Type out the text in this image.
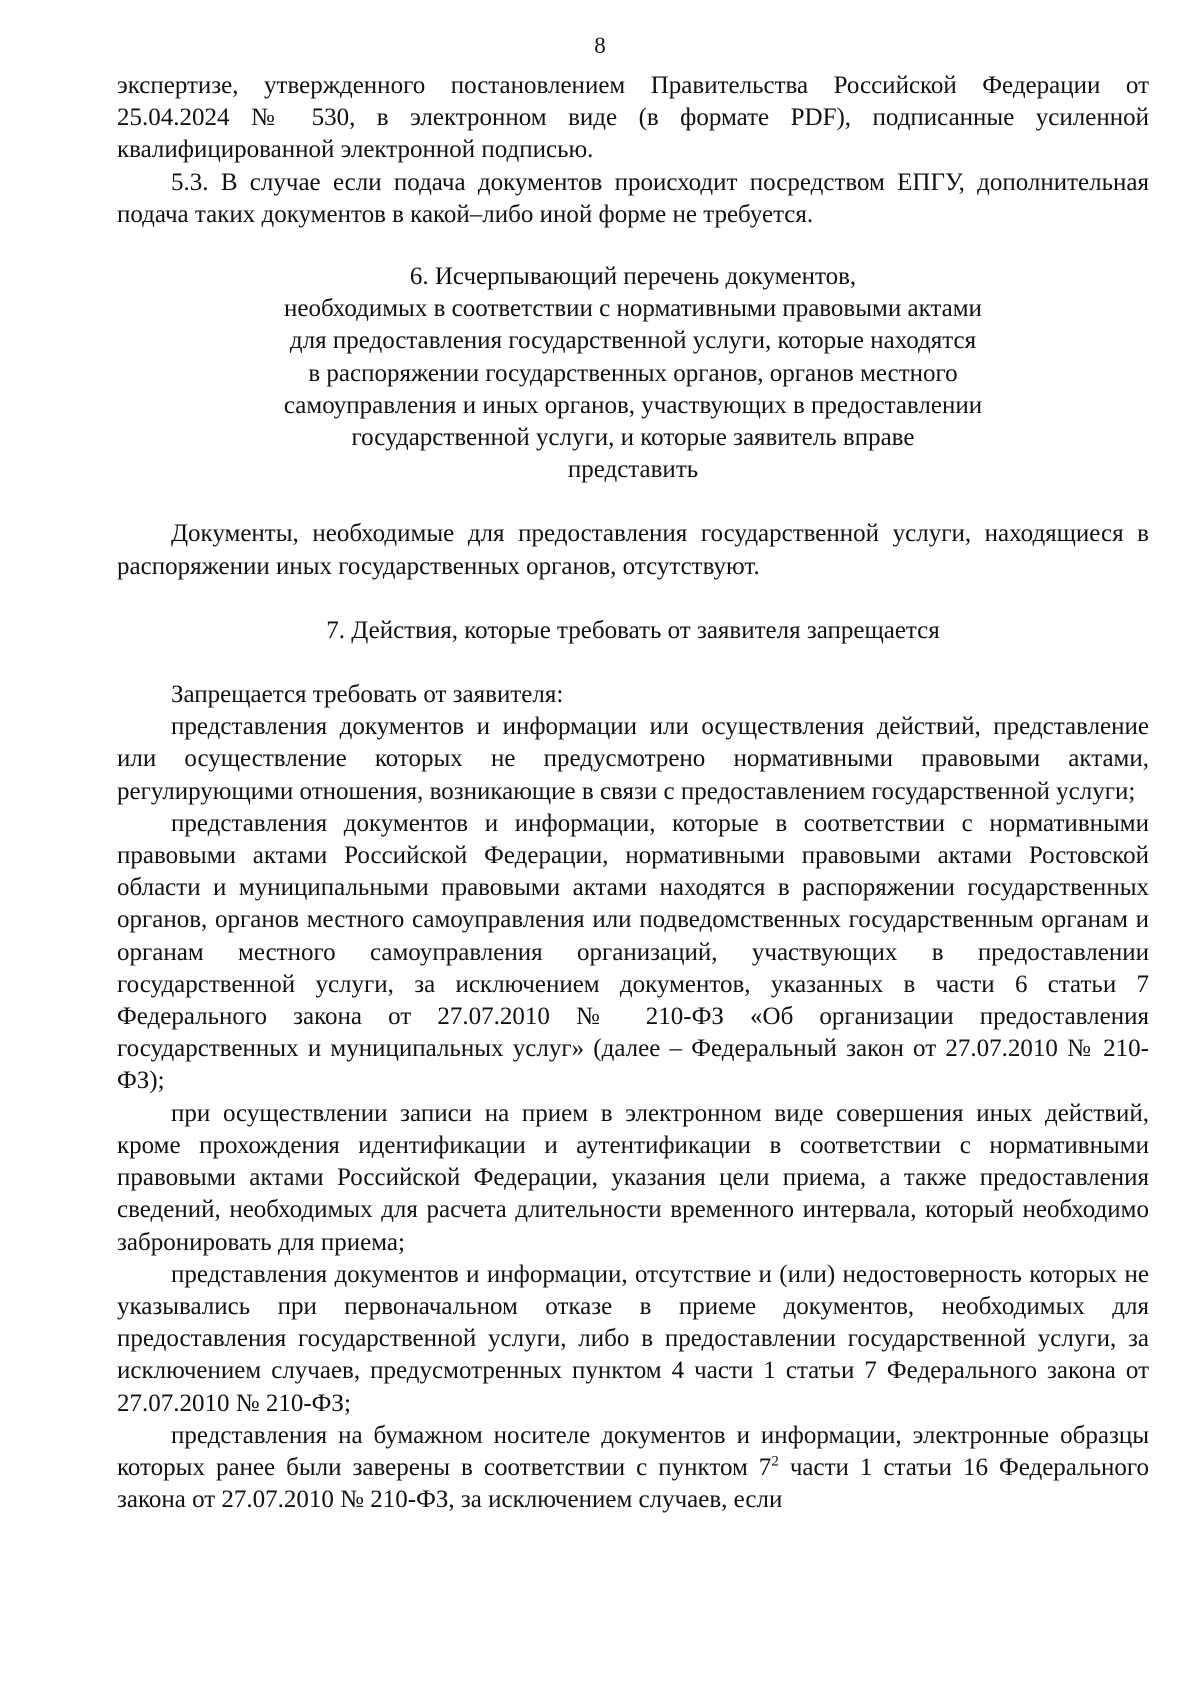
8

экспертизе, утвержденного постановлением Правительства Российской Федерации от 25.04.2024 № 530, в электронном виде (в формате PDF), подписанные усиленной квалифицированной электронной подписью.

5.3. В случае если подача документов происходит посредством ЕПГУ, дополнительная подача таких документов в какой–либо иной форме не требуется.

6. Исчерпывающий перечень документов,
необходимых в соответствии с нормативными правовыми актами
для предоставления государственной услуги, которые находятся
в распоряжении государственных органов, органов местного
самоуправления и иных органов, участвующих в предоставлении
государственной услуги, и которые заявитель вправе
представить

Документы, необходимые для предоставления государственной услуги, находящиеся в распоряжении иных государственных органов, отсутствуют.

7. Действия, которые требовать от заявителя запрещается

Запрещается требовать от заявителя:

представления документов и информации или осуществления действий, представление или осуществление которых не предусмотрено нормативными правовыми актами, регулирующими отношения, возникающие в связи с предоставлением государственной услуги;

представления документов и информации, которые в соответствии с нормативными правовыми актами Российской Федерации, нормативными правовыми актами Ростовской области и муниципальными правовыми актами находятся в распоряжении государственных органов, органов местного самоуправления или подведомственных государственным органам и органам местного самоуправления организаций, участвующих в предоставлении государственной услуги, за исключением документов, указанных в части 6 статьи 7 Федерального закона от 27.07.2010 № 210-ФЗ «Об организации предоставления государственных и муниципальных услуг» (далее – Федеральный закон от 27.07.2010 № 210-ФЗ);

при осуществлении записи на прием в электронном виде совершения иных действий, кроме прохождения идентификации и аутентификации в соответствии с нормативными правовыми актами Российской Федерации, указания цели приема, а также предоставления сведений, необходимых для расчета длительности временного интервала, который необходимо забронировать для приема;

представления документов и информации, отсутствие и (или) недостоверность которых не указывались при первоначальном отказе в приеме документов, необходимых для предоставления государственной услуги, либо в предоставлении государственной услуги, за исключением случаев, предусмотренных пунктом 4 части 1 статьи 7 Федерального закона от 27.07.2010 № 210-ФЗ;

представления на бумажном носителе документов и информации, электронные образцы которых ранее были заверены в соответствии с пунктом $7^2$ части 1 статьи 16 Федерального закона от 27.07.2010 № 210-ФЗ, за исключением случаев, если
